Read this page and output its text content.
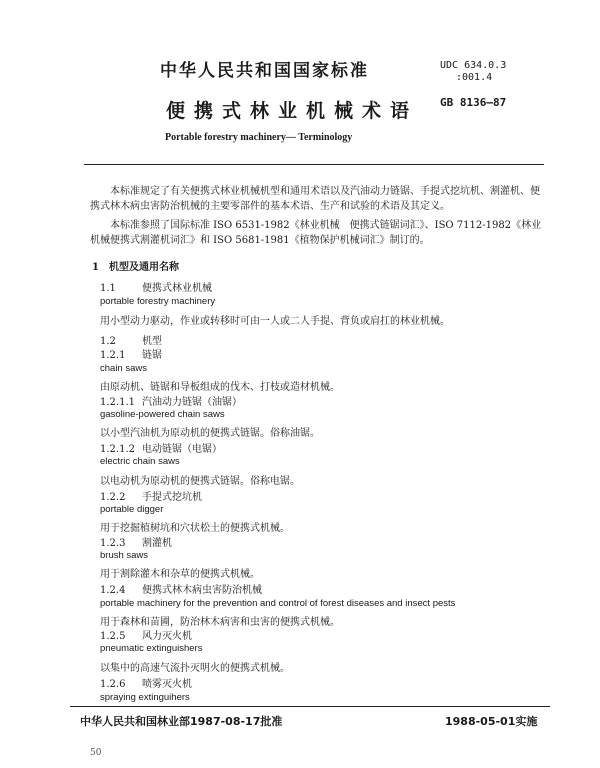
中华人民共和国国家标准	UDC 634.0.3
:001.4
便携式林业机械术语 GB 8136—87
Portable forestry machinery— Terminology
本标准规定了有关便携式林业机械机型和通用术语以及汽油动力链锯、手提式挖坑机、割灌机、便携式林木病虫害防治机械的主要零部件的基本术语、生产和试验的术语及其定义。
本标准参照了国际标准 ISO 6531-1982《林业机械　便携式链锯词汇》、ISO 7112-1982《林业机械便携式割灌机词汇》和 ISO 5681-1981《植物保护机械词汇》制订的。
1　 机型及通用名称
1.1	便携式林业机械
portable forestry machinery
用小型动力驱动，作业或转移时可由一人或二人手提、背负或肩扛的林业机械。
1.2	机型
1.2.1 链锯
chain saws
由原动机、链锯和导板组成的伐木、打枝或造材机械。
1.2.1.1 汽油动力链锯（油锯）
gasoline-powered chain saws
以小型汽油机为原动机的便携式链锯。俗称油锯。
1.2.1.2 电动链锯（电锯）
electric chain saws
以电动机为原动机的便携式链锯。俗称电锯。
1.2.2 手提式挖坑机
portable digger
用于挖掘植树坑和穴状松土的便携式机械。
1.2.3 割灌机
brush saws
用于割除灌木和杂草的便携式机械。
1.2.4 便携式林木病虫害防治机械
portable machinery for the prevention and control of forest diseases and insect pests
用于森林和苗圃，防治林木病害和虫害的便携式机械。
1.2.5 风力灭火机
pneumatic extinguishers
以集中的高速气流扑灭明火的便携式机械。
1.2.6 喷雾灭火机
spraying extinguihers
中华人民共和国林业部1987-08-17批准	1988-05-01实施
50
